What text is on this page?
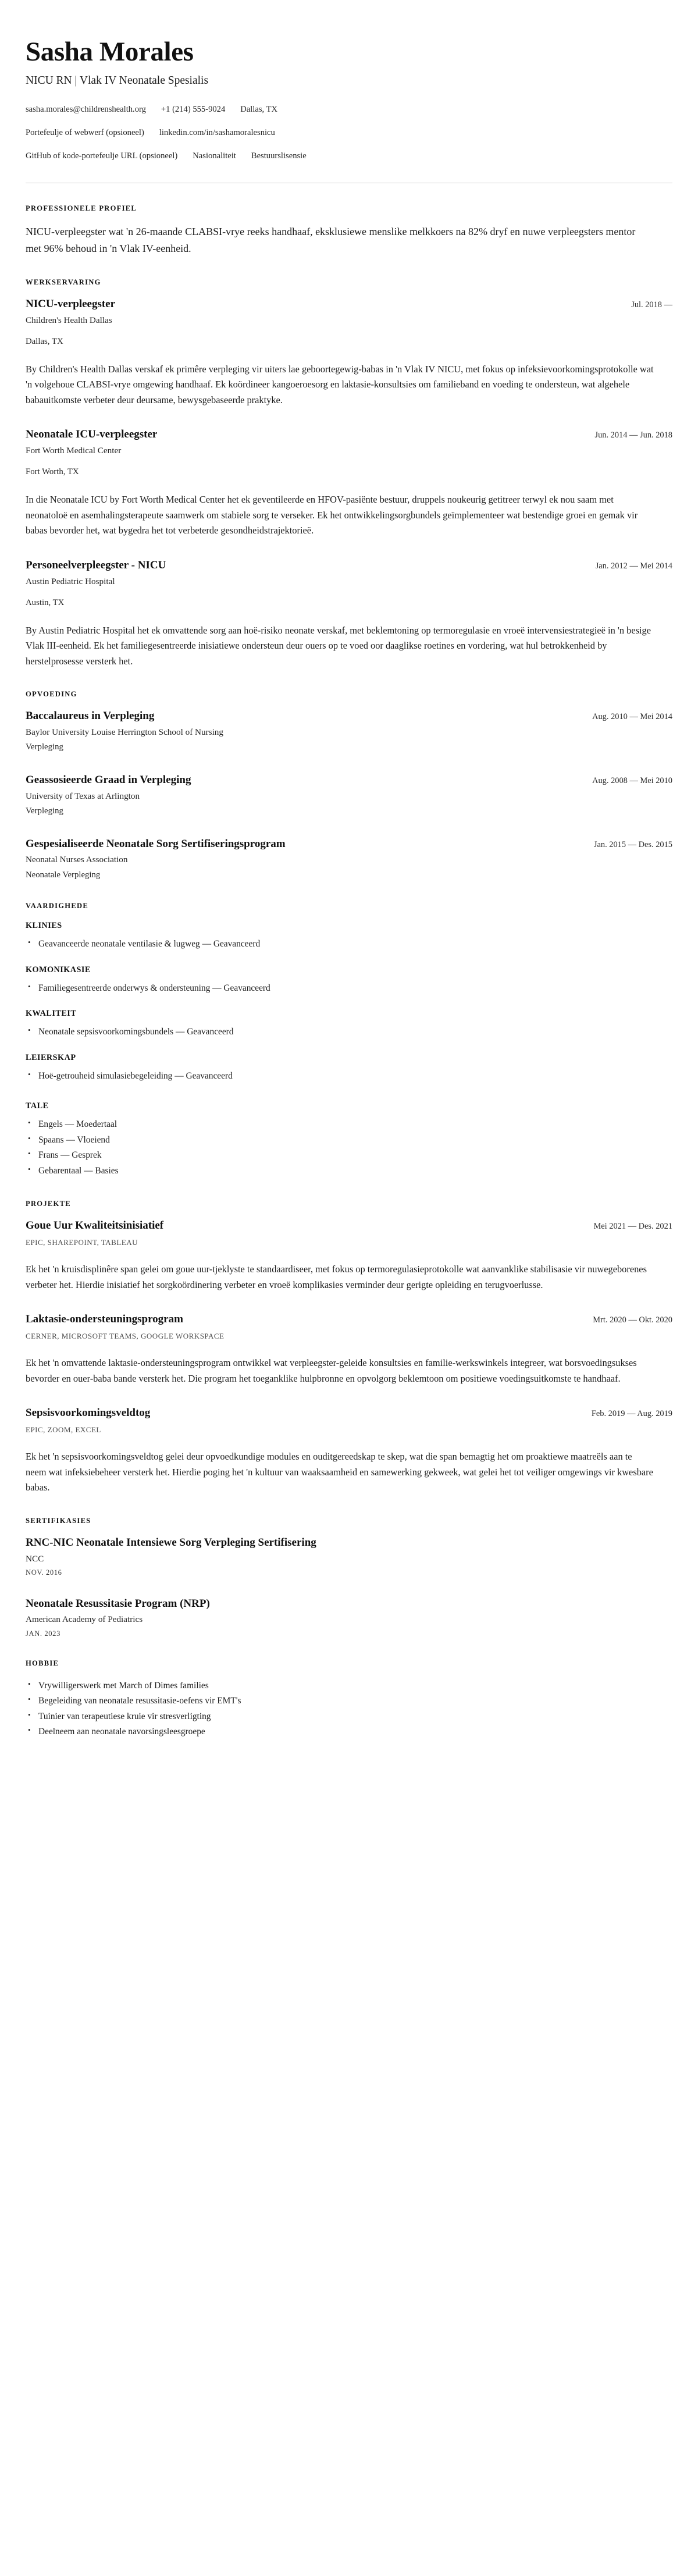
Sasha Morales

NICU RN | Vlak IV Neonatale Spesialis

sasha.morales@childrenshealth.org +1 (214) 555-9024 Dallas, TX
Portefeulje of webwerf (opsioneel) linkedin.com/in/sashamoralesnicu
GitHub of kode-portefeulje URL (opsioneel) Nasionaliteit Bestuurslisensie
PROFESSIONELE PROFIEL

NICU-verpleegster wat 'n 26-maande CLABSI-vrye reeks handhaaf, eksklusiewe menslike melkkoers na 82% dryf en nuwe verpleegsters mentor met 96% behoud in 'n Vlak IV-eenheid.

WERKSERVARING
NICU-verpleegster	Jul. 2018 —

Children's Health Dallas

Dallas, TX

By Children's Health Dallas verskaf ek primêre verpleging vir uiters lae geboortegewig-babas in 'n Vlak IV NICU, met fokus op infeksievoorkomingsprotokolle wat 'n volgehoue CLABSI-vrye omgewing handhaaf. Ek koördineer kangoeroesorg en laktasie-konsultsies om familieband en voeding te ondersteun, wat algehele babauitkomste verbeter deur deursame, bewysgebaseerde praktyke.

Neonatale ICU-verpleegster	Jun. 2014 — Jun. 2018

Fort Worth Medical Center

Fort Worth, TX

In die Neonatale ICU by Fort Worth Medical Center het ek geventileerde en HFOV-pasiënte bestuur, druppels noukeurig getitreer terwyl ek nou saam met neonatoloë en asemhalingsterapeute saamwerk om stabiele sorg te verseker. Ek het ontwikkelingsorgbundels geïmplementeer wat bestendige groei en gemak vir babas bevorder het, wat bygedra het tot verbeterde gesondheidstrajektorieë.

Personeelverpleegster - NICU	Jan. 2012 — Mei 2014

Austin Pediatric Hospital

Austin, TX

By Austin Pediatric Hospital het ek omvattende sorg aan hoë-risiko neonate verskaf, met beklemtoning op termoregulasie en vroeë intervensiestrategieë in 'n besige Vlak III-eenheid. Ek het familiegesentreerde inisiatiewe ondersteun deur ouers op te voed oor daaglikse roetines en vordering, wat hul betrokkenheid by herstelprosesse versterk het.

OPVOEDING
Baccalaureus in Verpleging	Aug. 2010 — Mei 2014

Baylor University Louise Herrington School of Nursing

Verpleging

Geassosieerde Graad in Verpleging	Aug. 2008 — Mei 2010

University of Texas at Arlington

Verpleging

Gespesialiseerde Neonatale Sorg Sertifiseringsprogram	Jan. 2015 — Des. 2015

Neonatal Nurses Association

Neonatale Verpleging

VAARDIGHEDE
KLINIES
• Geavanceerde neonatale ventilasie & lugweg — Geavanceerd
KOMONIKASIE
• Familiegesentreerde onderwys & ondersteuning — Geavanceerd
KWALITEIT
• Neonatale sepsisvoorkomingsbundels — Geavanceerd
LEIERSKAP
• Hoë-getrouheid simulasiebegeleiding — Geavanceerd
TALE
• Engels — Moedertaal
• Spaans — Vloeiend
• Frans — Gesprek
• Gebarentaal — Basies
PROJEKTE
Goue Uur Kwaliteitsinisiatief	Mei 2021 — Des. 2021

EPIC, SHAREPOINT, TABLEAU

Ek het 'n kruisdisplinêre span gelei om goue uur-tjeklyste te standaardiseer, met fokus op termoregulasieprotokolle wat aanvanklike stabilisasie vir nuwegeborenes verbeter het. Hierdie inisiatief het sorgkoördinering verbeter en vroeë komplikasies verminder deur gerigte opleiding en terugvoerlusse.

Laktasie-ondersteuningsprogram	Mrt. 2020 — Okt. 2020

CERNER, MICROSOFT TEAMS, GOOGLE WORKSPACE

Ek het 'n omvattende laktasie-ondersteuningsprogram ontwikkel wat verpleegster-geleide konsultsies en familie-werkswinkels integreer, wat borsvoedingsukses bevorder en ouer-baba bande versterk het. Die program het toeganklike hulpbronne en opvolgorg beklemtoon om positiewe voedingsuitkomste te handhaaf.

Sepsisvoorkomingsveldtog	Feb. 2019 — Aug. 2019

EPIC, ZOOM, EXCEL

Ek het 'n sepsisvoorkomingsveldtog gelei deur opvoedkundige modules en ouditgereedskap te skep, wat die span bemagtig het om proaktiewe maatreëls aan te neem wat infeksiebeheer versterk het. Hierdie poging het 'n kultuur van waaksaamheid en samewerking gekweek, wat gelei het tot veiliger omgewings vir kwesbare babas.

SERTIFIKASIES
RNC-NIC Neonatale Intensiewe Sorg Verpleging Sertifisering

NCC

NOV. 2016

Neonatale Resussitasie Program (NRP)

American Academy of Pediatrics

JAN. 2023

HOBBIE
• Vrywilligerswerk met March of Dimes families
• Begeleiding van neonatale resussitasie-oefens vir EMT's
• Tuinier van terapeutiese kruie vir stresverligting
• Deelneem aan neonatale navorsingsleesgroepe
